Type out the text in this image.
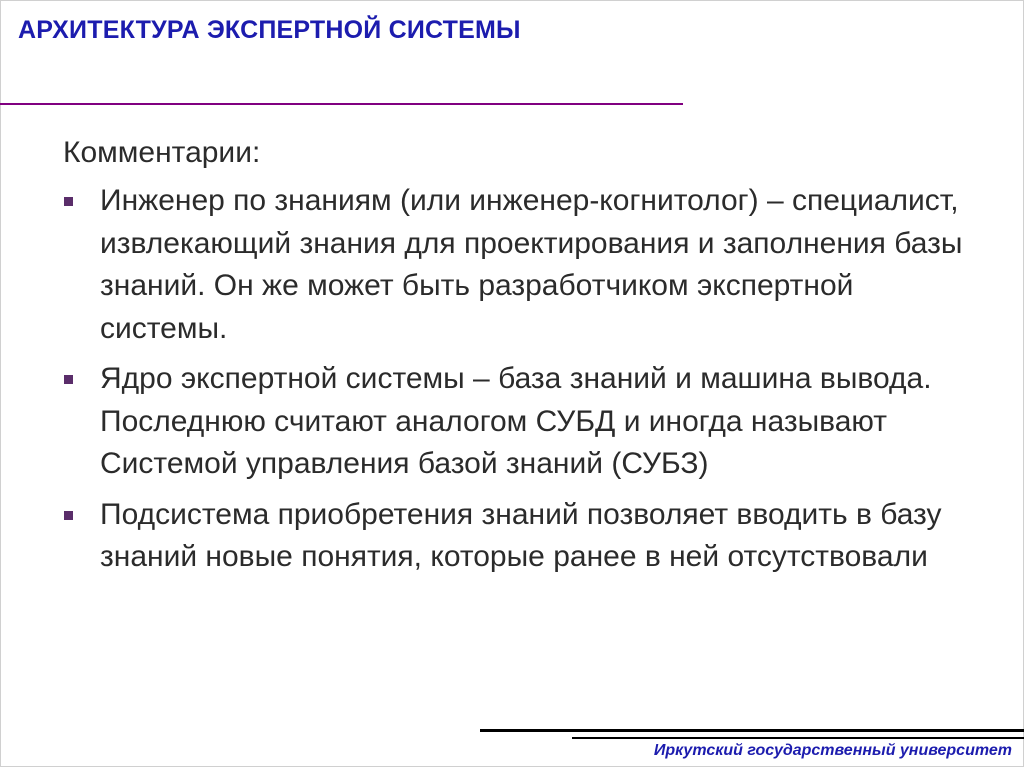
АРХИТЕКТУРА ЭКСПЕРТНОЙ СИСТЕМЫ
Комментарии:
Инженер по знаниям (или инженер-когнитолог) – специалист, извлекающий знания для проектирования и заполнения базы знаний. Он же может быть разработчиком экспертной системы.
Ядро экспертной системы – база знаний и машина вывода. Последнюю считают аналогом СУБД и иногда называют Системой управления базой знаний (СУБЗ)
Подсистема приобретения знаний позволяет вводить в базу знаний новые понятия, которые ранее в ней отсутствовали
Иркутский государственный университет
